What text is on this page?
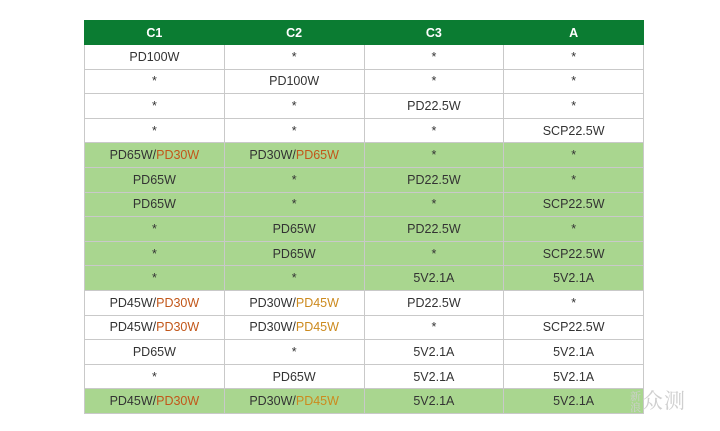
C1	C2	C3	A
PD100W	*	*	*
*	PD100W	*	*
*	*	PD22.5W	*
*	*	*	SCP22.5W
PD65W/PD30W	PD30W/PD65W	*	*
PD65W	*	PD22.5W	*
PD65W	*	*	SCP22.5W
*	PD65W	PD22.5W	*
*	PD65W	*	SCP22.5W
*	*	5V2.1A	5V2.1A
PD45W/PD30W	PD30W/PD45W	PD22.5W	*
PD45W/PD30W	PD30W/PD45W	*	SCP22.5W
PD65W	*	5V2.1A	5V2.1A
*	PD65W	5V2.1A	5V2.1A
PD45W/PD30W	PD30W/PD45W	5V2.1A	5V2.1A	新浪众测
